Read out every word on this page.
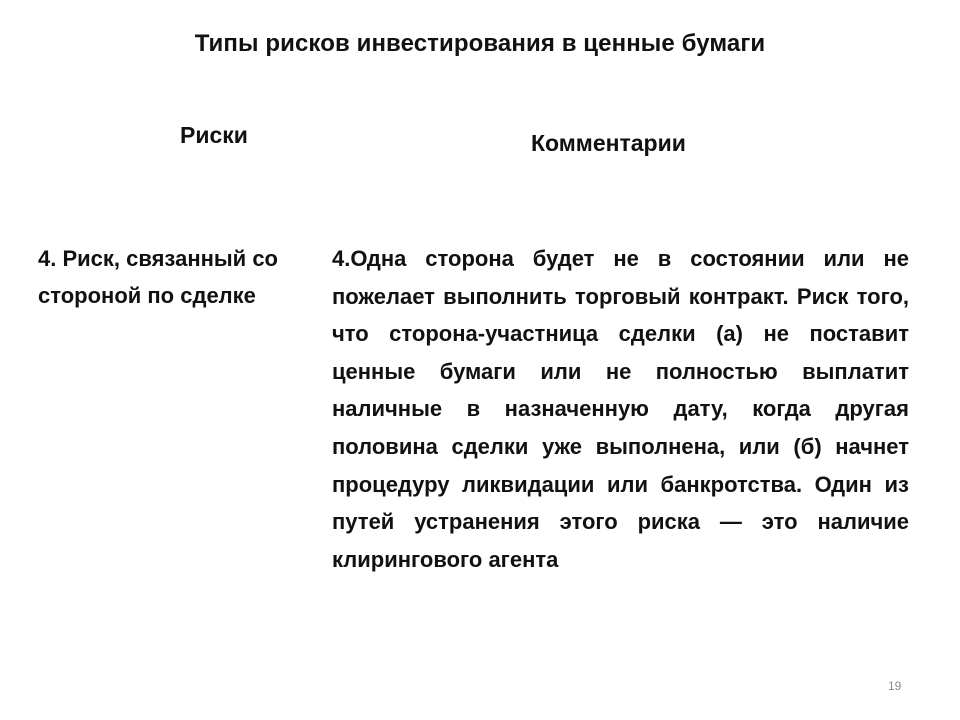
Типы рисков инвестирования в ценные бумаги
Риски	Комментарии
4. Риск, связанный со стороной по сделке
4.Одна сторона будет не в состоянии или не пожелает выполнить торговый контракт. Риск того, что сторона-участница сделки (а) не поставит ценные бумаги или не полностью выплатит наличные в назначенную дату, когда другая половина сделки уже выполнена, или (б) начнет процедуру ликвидации или банкротства. Один из путей устранения этого риска — это наличие клирингового агента
19
